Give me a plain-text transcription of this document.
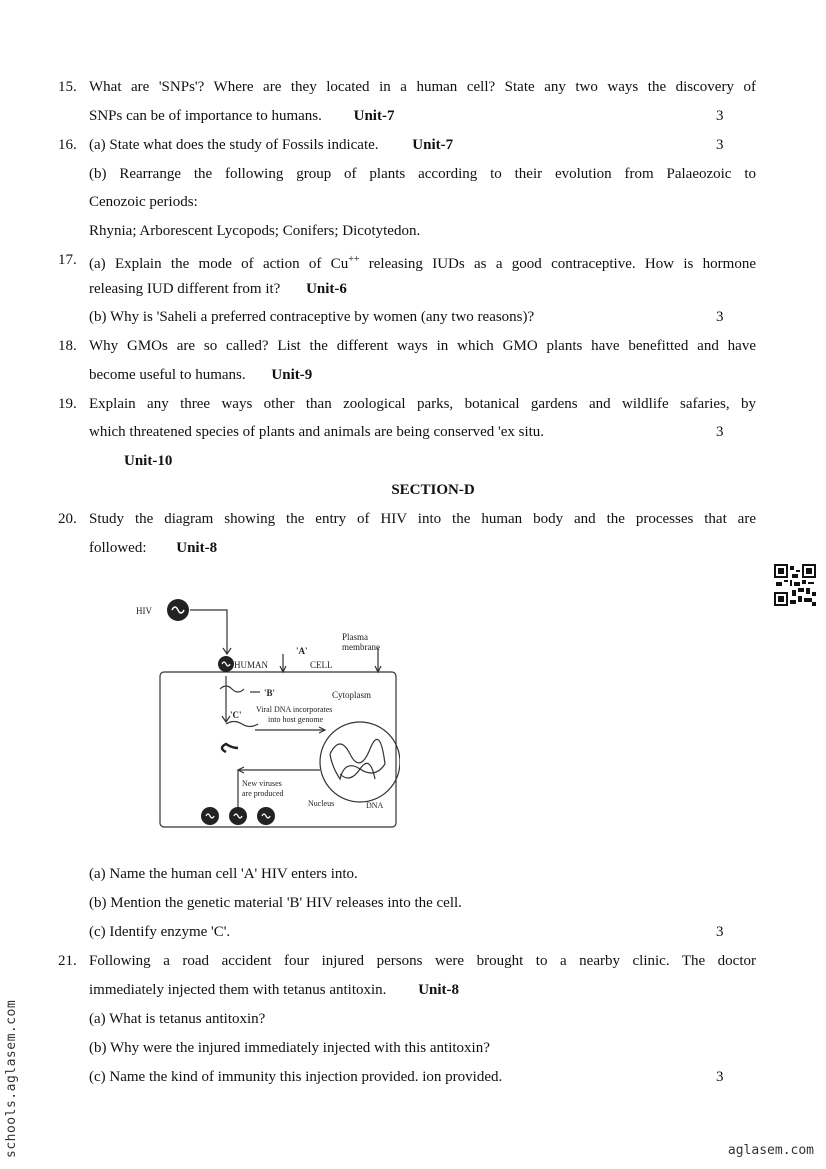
15. What are 'SNPs'? Where are they located in a human cell? State any two ways the discovery of
SNPs can be of importance to humans. Unit-7	3
16. (a) State what does the study of Fossils indicate. Unit-7	3
(b) Rearrange the following group of plants according to their evolution from Palaeozoic to
Cenozoic periods:
Rhynia; Arborescent Lycopods; Conifers; Dicotytedon.
17. (a) Explain the mode of action of Cu++ releasing IUDs as a good contraceptive. How is hormone
releasing IUD different from it? Unit-6
(b) Why is 'Saheli a preferred contraceptive by women (any two reasons)?	3
18. Why GMOs are so called? List the different ways in which GMO plants have benefitted and have
become useful to humans. Unit-9
19. Explain any three ways other than zoological parks, botanical gardens and wildlife safaries, by
which threatened species of plants and animals are being conserved 'ex situ.	3
Unit-10
SECTION-D
20. Study the diagram showing the entry of HIV into the human body and the processes that are
followed: Unit-8
HIV
Plasma
membrane
'A'
HUMAN	CELL
'B'	Cytoplasm
'C'
Viral DNA incorporates
into host genome
New viruses
are produced
Nucleus	DNA
(a) Name the human cell 'A' HIV enters into.
(b) Mention the genetic material 'B' HIV releases into the cell.
(c) Identify enzyme 'C'.	3
21. Following a road accident four injured persons were brought to a nearby clinic. The doctor
immediately injected them with tetanus antitoxin. Unit-8
(a) What is tetanus antitoxin?
(b) Why were the injured immediately injected with this antitoxin?
(c) Name the kind of immunity this injection provided. ion provided.	3
schools.aglasem.com	aglasem.com
